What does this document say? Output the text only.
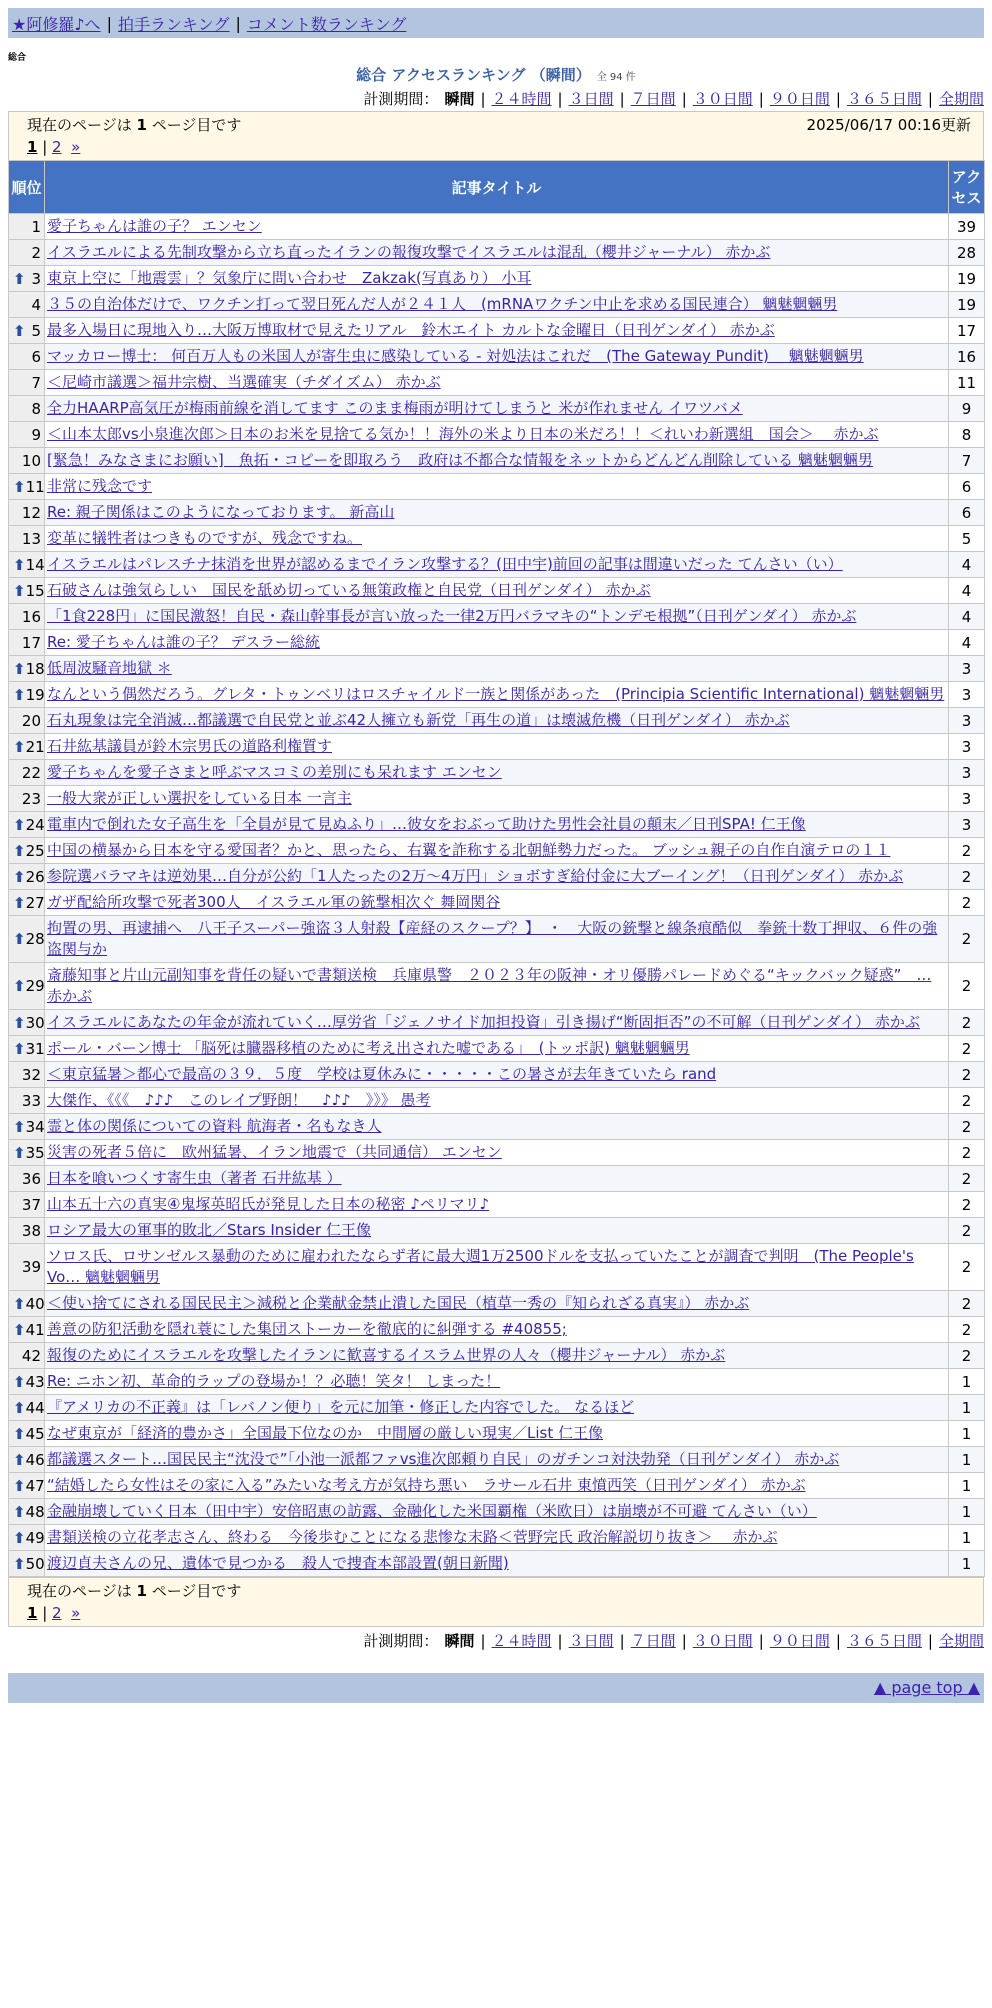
★阿修羅♪へ | 拍手ランキング | コメント数ランキング
総合
総合 アクセスランキング （瞬間） 全 94 件
計測期間： 瞬間 | ２４時間 | ３日間 | ７日間 | ３０日間 | ９０日間 | ３６５日間 | 全期間
現在のページは 1 ページ目です	2025/06/17 00:16更新
1 | 2 »
順位	記事タイトル	アクセス
1	愛子ちゃんは誰の子？ エンセン	39
2	イスラエルによる先制攻撃から立ち直ったイランの報復攻撃でイスラエルは混乱（櫻井ジャーナル） 赤かぶ	28

⬆ 3	東京上空に「地震雲」？気象庁に問い合わせ　Zakzak(写真あり） 小耳	19
4	３５の自治体だけで、ワクチン打って翌日死んだ人が２４１人　(mRNAワクチン中止を求める国民連合） 魑魅魍魎男	19

⬆ 5	最多入場日に現地入り…大阪万博取材で見えたリアル　鈴木エイト カルトな金曜日（日刊ゲンダイ） 赤かぶ	17
6	マッカロー博士： 何百万人もの米国人が寄生虫に感染している - 対処法はこれだ　(The Gateway Pundit)　 魑魅魍魎男	16
7	＜尼崎市議選＞福井宗樹、当選確実（チダイズム） 赤かぶ	11
8	全力HAARP高気圧が梅雨前線を消してます このまま梅雨が明けてしまうと 米が作れません イワツバメ	9
9	＜山本太郎vs小泉進次郎＞日本のお米を見捨てる気か！！海外の米より日本の米だろ！！＜れいわ新選組　国会＞　 赤かぶ	8
10	[緊急！みなさまにお願い]　魚拓・コピーを即取ろう　政府は不都合な情報をネットからどんどん削除している 魑魅魍魎男	7

⬆ 11	非常に残念です	6
12	Re: 親子関係はこのようになっております。 新高山	6
13	変革に犠牲者はつきものですが、残念ですね。	5

⬆ 14	イスラエルはパレスチナ抹消を世界が認めるまでイラン攻撃する？(田中宇)前回の記事は間違いだった てんさい（い）	4

⬆ 15	石破さんは強気らしい　国民を舐め切っている無策政権と自民党（日刊ゲンダイ） 赤かぶ	4
16	「1食228円」に国民激怒！自民・森山幹事長が言い放った一律2万円バラマキの“トンデモ根拠”（日刊ゲンダイ） 赤かぶ	4
17	Re: 愛子ちゃんは誰の子？ デスラー総統	4

⬆ 18	低周波騒音地獄 ＊	3

⬆ 19	なんという偶然だろう。グレタ・トゥンベリはロスチャイルド一族と関係があった　(Principia Scientific International) 魑魅魍魎男	3
20	石丸現象は完全消滅…都議選で自民党と並ぶ42人擁立も新党「再生の道」は壊滅危機（日刊ゲンダイ） 赤かぶ	3

⬆ 21	石井紘基議員が鈴木宗男氏の道路利権質す	3
22	愛子ちゃんを愛子さまと呼ぶマスコミの差別にも呆れます エンセン	3
23	一般大衆が正しい選択をしている日本 一言主	3

⬆ 24	電車内で倒れた女子高生を「全員が見て見ぬふり」…彼女をおぶって助けた男性会社員の顛末／日刊SPA! 仁王像	3

⬆ 25	中国の横暴から日本を守る愛国者？かと、思ったら、右翼を詐称する北朝鮮勢力だった。 ブッシュ親子の自作自演テロの１１	2

⬆ 26	参院選バラマキは逆効果…自分が公約「1人たったの2万～4万円」ショボすぎ給付金に大ブーイング！（日刊ゲンダイ） 赤かぶ	2

⬆ 27	ガザ配給所攻撃で死者300人　イスラエル軍の銃撃相次ぐ 舞岡関谷	2

⬆ 28	拘置の男、再逮捕へ　八王子スーパー強盗３人射殺【産経のスクープ？】　・　大阪の銃撃と線条痕酷似　拳銃十数丁押収、６件の強盗関与か	2

⬆ 29	斎藤知事と片山元副知事を背任の疑いで書類送検　兵庫県警　２０２３年の阪神・オリ優勝パレードめぐる“キックバック疑惑”　… 赤かぶ	2

⬆ 30	イスラエルにあなたの年金が流れていく…厚労省「ジェノサイド加担投資」引き揚げ“断固拒否”の不可解（日刊ゲンダイ） 赤かぶ	2

⬆ 31	ポール・バーン博士 「脳死は臓器移植のために考え出された嘘である」　(トッポ訳) 魑魅魍魎男	2
32	＜東京猛暑＞都心で最高の３９．５度　学校は夏休みに・・・・・この暑さが去年きていたら rand	2
33	大傑作、《《《　♪♪♪　このレイプ野朗！　♪♪♪　》》》 愚考	2

⬆ 34	霊と体の関係についての資料 航海者・名もなき人	2

⬆ 35	災害の死者５倍に　欧州猛暑、イラン地震で（共同通信） エンセン	2
36	日本を喰いつくす寄生虫（著者 石井紘基 ）	2
37	山本五十六の真実④鬼塚英昭氏が発見した日本の秘密 ♪ペリマリ♪	2
38	ロシア最大の軍事的敗北／Stars Insider 仁王像	2
39	ソロス氏、ロサンゼルス暴動のために雇われたならず者に最大週1万2500ドルを支払っていたことが調査で判明　(The People's Vo… 魑魅魍魎男	2

⬆ 40	＜使い捨てにされる国民民主＞減税と企業献金禁止潰した国民（植草一秀の『知られざる真実』） 赤かぶ	2

⬆ 41	善意の防犯活動を隠れ蓑にした集団ストーカーを徹底的に糾弾する #40855;	2
42	報復のためにイスラエルを攻撃したイランに歓喜するイスラム世界の人々（櫻井ジャーナル） 赤かぶ	2

⬆ 43	Re: ニホン初、革命的ラップの登場か！？必聴！笑タ！ しまった！	1

⬆ 44	『アメリカの不正義』は「レバノン便り」を元に加筆・修正した内容でした。 なるほど	1

⬆ 45	なぜ東京が「経済的豊かさ」全国最下位なのか　中間層の厳しい現実／List 仁王像	1

⬆ 46	都議選スタート…国民民主“沈没で”「小池一派都ファvs進次郎頼り自民」のガチンコ対決勃発（日刊ゲンダイ） 赤かぶ	1

⬆ 47	“結婚したら女性はその家に入る”みたいな考え方が気持ち悪い　ラサール石井 東憤西笑（日刊ゲンダイ） 赤かぶ	1

⬆ 48	金融崩壊していく日本（田中宇）安倍昭恵の訪露、金融化した米国覇権（米欧日）は崩壊が不可避 てんさい（い）	1

⬆ 49	書類送検の立花孝志さん、終わる　今後歩むことになる悲惨な末路＜菅野完氏 政治解説切り抜き＞　 赤かぶ	1

⬆ 50	渡辺貞夫さんの兄、遺体で見つかる　殺人で捜査本部設置(朝日新聞)	1
現在のページは 1 ページ目です
1 | 2 »
計測期間： 瞬間 | ２４時間 | ３日間 | ７日間 | ３０日間 | ９０日間 | ３６５日間 | 全期間
▲ page top ▲
